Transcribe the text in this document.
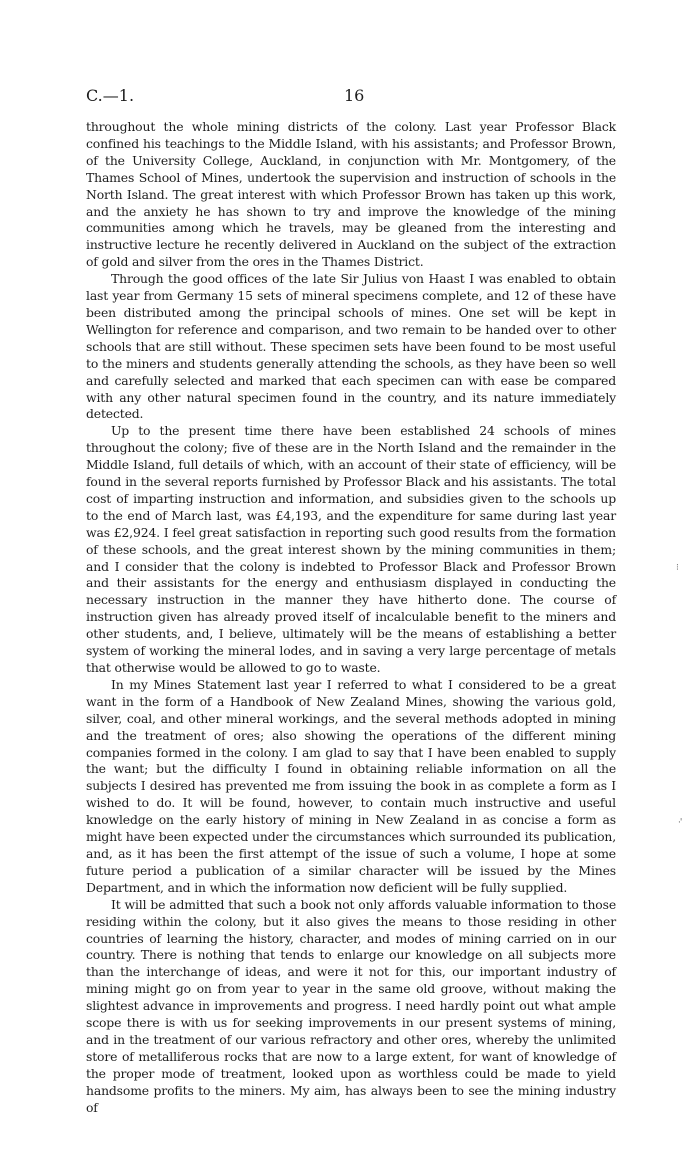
C.—1.	16

throughout the whole mining districts of the colony. Last year Professor Black confined his teachings to the Middle Island, with his assistants; and Professor Brown, of the University College, Auckland, in conjunction with Mr. Montgomery, of the Thames School of Mines, undertook the supervision and instruction of schools in the North Island. The great interest with which Professor Brown has taken up this work, and the anxiety he has shown to try and improve the knowledge of the mining communities among which he travels, may be gleaned from the interesting and instructive lecture he recently delivered in Auckland on the subject of the extraction of gold and silver from the ores in the Thames District.

Through the good offices of the late Sir Julius von Haast I was enabled to obtain last year from Germany 15 sets of mineral specimens complete, and 12 of these have been distributed among the principal schools of mines. One set will be kept in Wellington for reference and comparison, and two remain to be handed over to other schools that are still without. These specimen sets have been found to be most useful to the miners and students generally attending the schools, as they have been so well and carefully selected and marked that each specimen can with ease be compared with any other natural specimen found in the country, and its nature immediately detected.

Up to the present time there have been established 24 schools of mines throughout the colony; five of these are in the North Island and the remainder in the Middle Island, full details of which, with an account of their state of efficiency, will be found in the several reports furnished by Professor Black and his assistants. The total cost of imparting instruction and information, and subsidies given to the schools up to the end of March last, was £4,193, and the expenditure for same during last year was £2,924. I feel great satisfaction in reporting such good results from the formation of these schools, and the great interest shown by the mining communities in them; and I consider that the colony is indebted to Professor Black and Professor Brown and their assistants for the energy and enthusiasm displayed in conducting the necessary instruction in the manner they have hitherto done. The course of instruction given has already proved itself of incalculable benefit to the miners and other students, and, I believe, ultimately will be the means of establishing a better system of working the mineral lodes, and in saving a very large percentage of metals that otherwise would be allowed to go to waste.

In my Mines Statement last year I referred to what I considered to be a great want in the form of a Handbook of New Zealand Mines, showing the various gold, silver, coal, and other mineral workings, and the several methods adopted in mining and the treatment of ores; also showing the operations of the different mining companies formed in the colony. I am glad to say that I have been enabled to supply the want; but the difficulty I found in obtaining reliable information on all the subjects I desired has prevented me from issuing the book in as complete a form as I wished to do. It will be found, however, to contain much instructive and useful knowledge on the early history of mining in New Zealand in as concise a form as might have been expected under the circumstances which surrounded its publication, and, as it has been the first attempt of the issue of such a volume, I hope at some future period a publication of a similar character will be issued by the Mines Department, and in which the information now deficient will be fully supplied.

It will be admitted that such a book not only affords valuable information to those residing within the colony, but it also gives the means to those residing in other countries of learning the history, character, and modes of mining carried on in our country. There is nothing that tends to enlarge our knowledge on all subjects more than the interchange of ideas, and were it not for this, our important industry of mining might go on from year to year in the same old groove, without making the slightest advance in improvements and progress. I need hardly point out what ample scope there is with us for seeking improvements in our present systems of mining, and in the treatment of our various refractory and other ores, whereby the unlimited store of metalliferous rocks that are now to a large extent, for want of knowledge of the proper mode of treatment, looked upon as worthless could be made to yield handsome profits to the miners. My aim, has always been to see the mining industry of

⁝
·'
